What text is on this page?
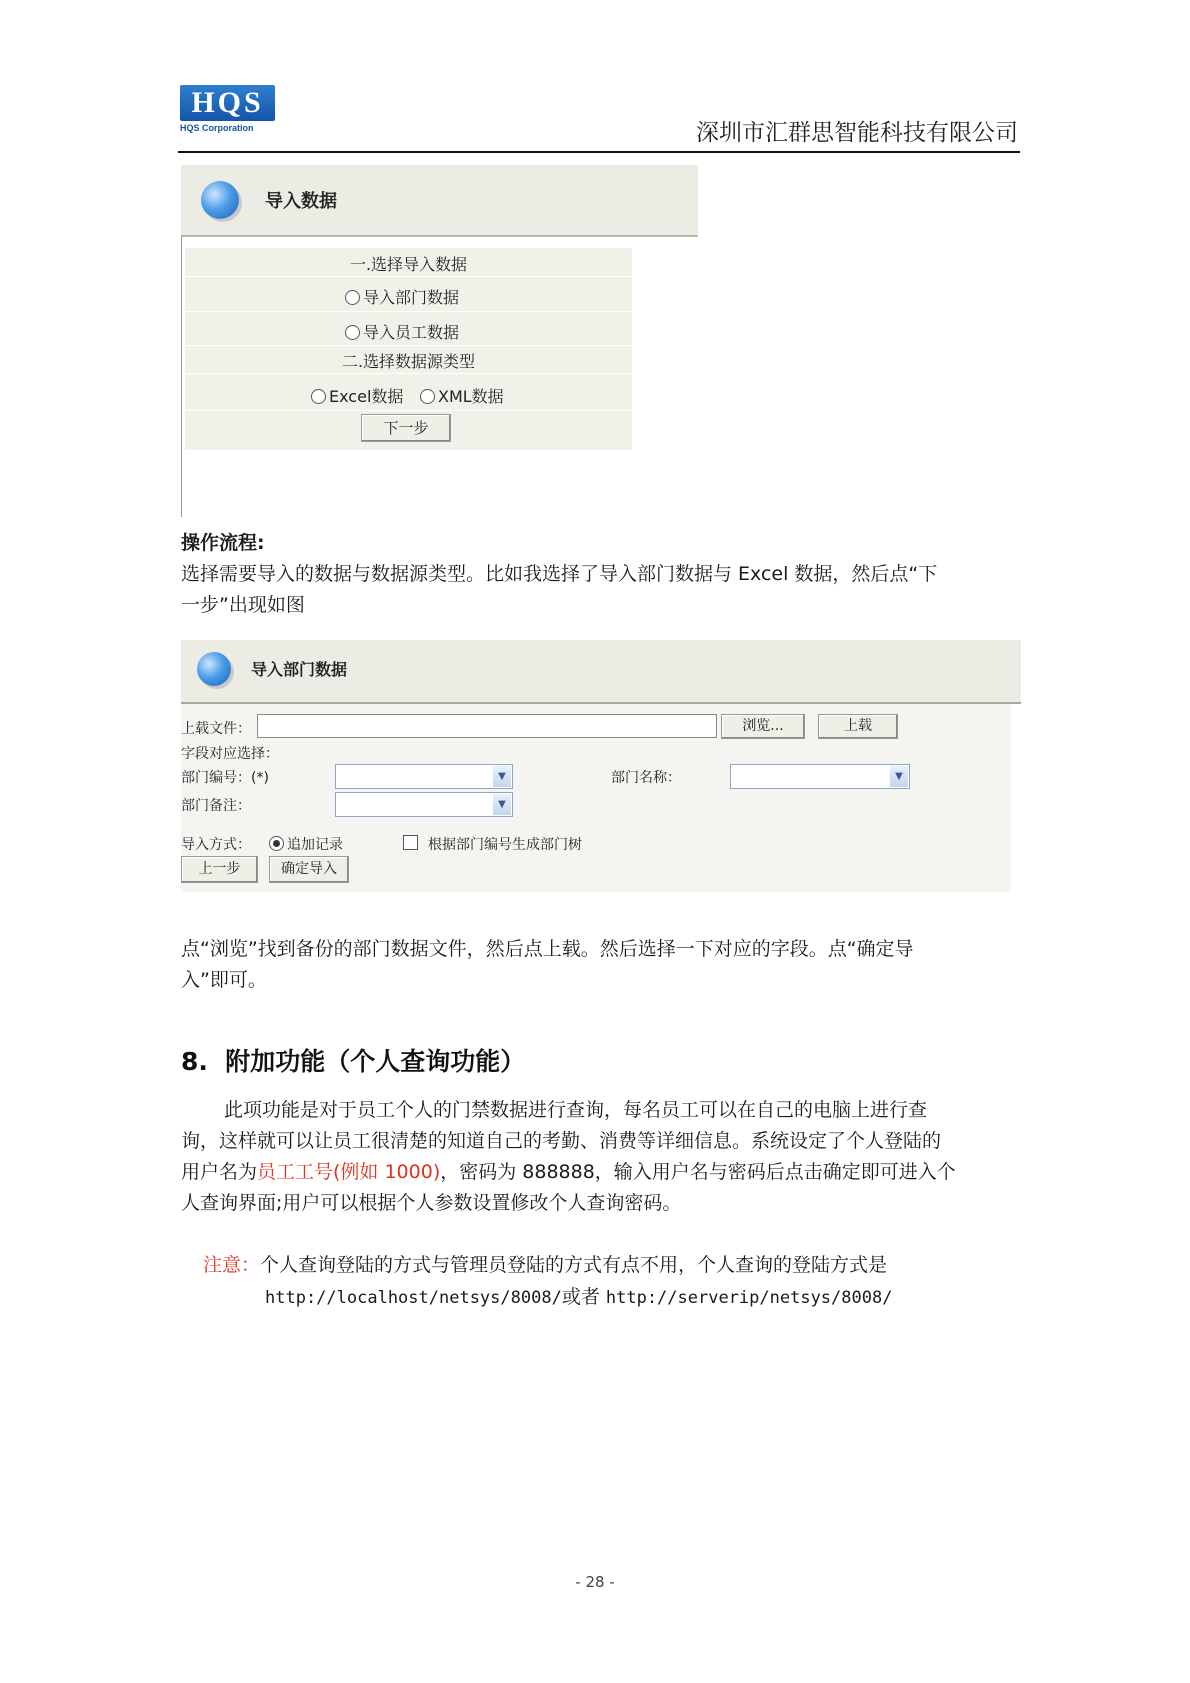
HQS
HQS Corporation	深圳市汇群思智能科技有限公司
导入数据
一.选择导入数据
导入部门数据
导入员工数据
二.选择数据源类型
Excel数据	XML数据
下一步
操作流程:
选择需要导入的数据与数据源类型。比如我选择了导入部门数据与 Excel 数据，然后点“下
一步”出现如图
导入部门数据
上载文件：	浏览...	上载
字段对应选择：
部门编号：(*)	▼	部门名称：	▼
部门备注：	▼
导入方式：	追加记录	根据部门编号生成部门树
上一步	确定导入
点“浏览”找到备份的部门数据文件，然后点上载。然后选择一下对应的字段。点“确定导
入”即可。
8.  附加功能（个人查询功能）
此项功能是对于员工个人的门禁数据进行查询，每名员工可以在自己的电脑上进行查
询，这样就可以让员工很清楚的知道自己的考勤、消费等详细信息。系统设定了个人登陆的
用户名为员工工号(例如 1000)，密码为 888888，输入用户名与密码后点击确定即可进入个
人查询界面;用户可以根据个人参数设置修改个人查询密码。
注意：个人查询登陆的方式与管理员登陆的方式有点不用，个人查询的登陆方式是
http://localhost/netsys/8008/或者 http://serverip/netsys/8008/
- 28 -
